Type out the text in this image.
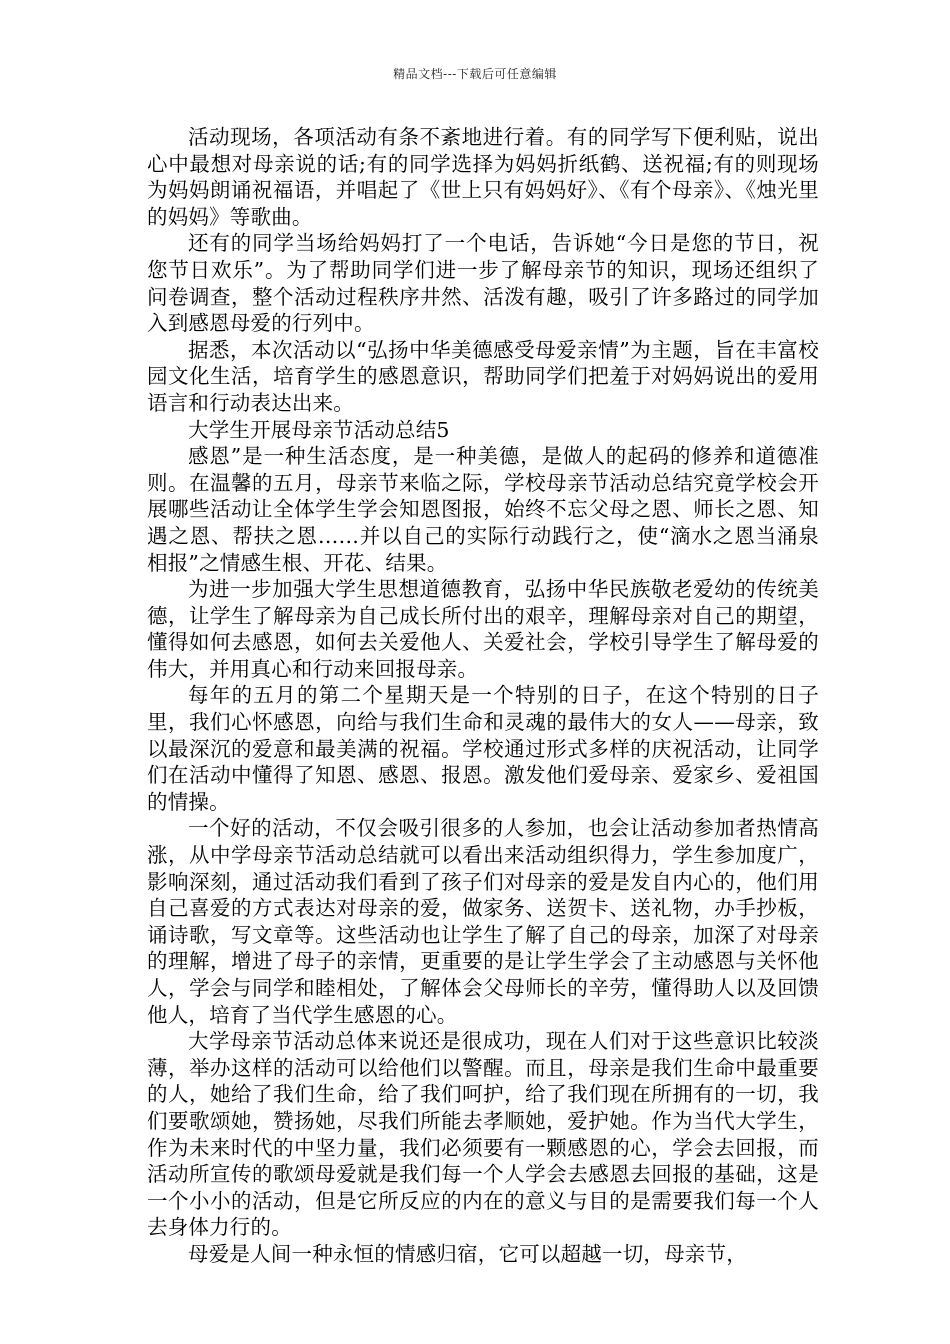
精品文档---下载后可任意编辑

活动现场，各项活动有条不紊地进行着。有的同学写下便利贴，说出心中最想对母亲说的话;有的同学选择为妈妈折纸鹤、送祝福;有的则现场为妈妈朗诵祝福语，并唱起了《世上只有妈妈好》、《有个母亲》、《烛光里的妈妈》等歌曲。

还有的同学当场给妈妈打了一个电话，告诉她“今日是您的节日，祝您节日欢乐”。为了帮助同学们进一步了解母亲节的知识，现场还组织了问卷调查，整个活动过程秩序井然、活泼有趣，吸引了许多路过的同学加入到感恩母爱的行列中。

据悉，本次活动以“弘扬中华美德感受母爱亲情”为主题，旨在丰富校园文化生活，培育学生的感恩意识，帮助同学们把羞于对妈妈说出的爱用语言和行动表达出来。

大学生开展母亲节活动总结5

感恩”是一种生活态度，是一种美德，是做人的起码的修养和道德准则。在温馨的五月，母亲节来临之际，学校母亲节活动总结究竟学校会开展哪些活动让全体学生学会知恩图报，始终不忘父母之恩、师长之恩、知遇之恩、帮扶之恩……并以自己的实际行动践行之，使“滴水之恩当涌泉相报”之情感生根、开花、结果。

为进一步加强大学生思想道德教育，弘扬中华民族敬老爱幼的传统美德，让学生了解母亲为自己成长所付出的艰辛，理解母亲对自己的期望，懂得如何去感恩，如何去关爱他人、关爱社会，学校引导学生了解母爱的伟大，并用真心和行动来回报母亲。

每年的五月的第二个星期天是一个特别的日子，在这个特别的日子里，我们心怀感恩，向给与我们生命和灵魂的最伟大的女人——母亲，致以最深沉的爱意和最美满的祝福。学校通过形式多样的庆祝活动，让同学们在活动中懂得了知恩、感恩、报恩。激发他们爱母亲、爱家乡、爱祖国的情操。

一个好的活动，不仅会吸引很多的人参加，也会让活动参加者热情高涨，从中学母亲节活动总结就可以看出来活动组织得力，学生参加度广，影响深刻，通过活动我们看到了孩子们对母亲的爱是发自内心的，他们用自己喜爱的方式表达对母亲的爱，做家务、送贺卡、送礼物，办手抄板，诵诗歌，写文章等。这些活动也让学生了解了自己的母亲，加深了对母亲的理解，增进了母子的亲情，更重要的是让学生学会了主动感恩与关怀他人，学会与同学和睦相处，了解体会父母师长的辛劳，懂得助人以及回馈他人，培育了当代学生感恩的心。

大学母亲节活动总体来说还是很成功，现在人们对于这些意识比较淡薄，举办这样的活动可以给他们以警醒。而且，母亲是我们生命中最重要的人，她给了我们生命，给了我们呵护，给了我们现在所拥有的一切，我们要歌颂她，赞扬她，尽我们所能去孝顺她，爱护她。作为当代大学生，作为未来时代的中坚力量，我们必须要有一颗感恩的心，学会去回报，而活动所宣传的歌颂母爱就是我们每一个人学会去感恩去回报的基础，这是一个小小的活动，但是它所反应的内在的意义与目的是需要我们每一个人去身体力行的。

母爱是人间一种永恒的情感归宿，它可以超越一切，母亲节，
